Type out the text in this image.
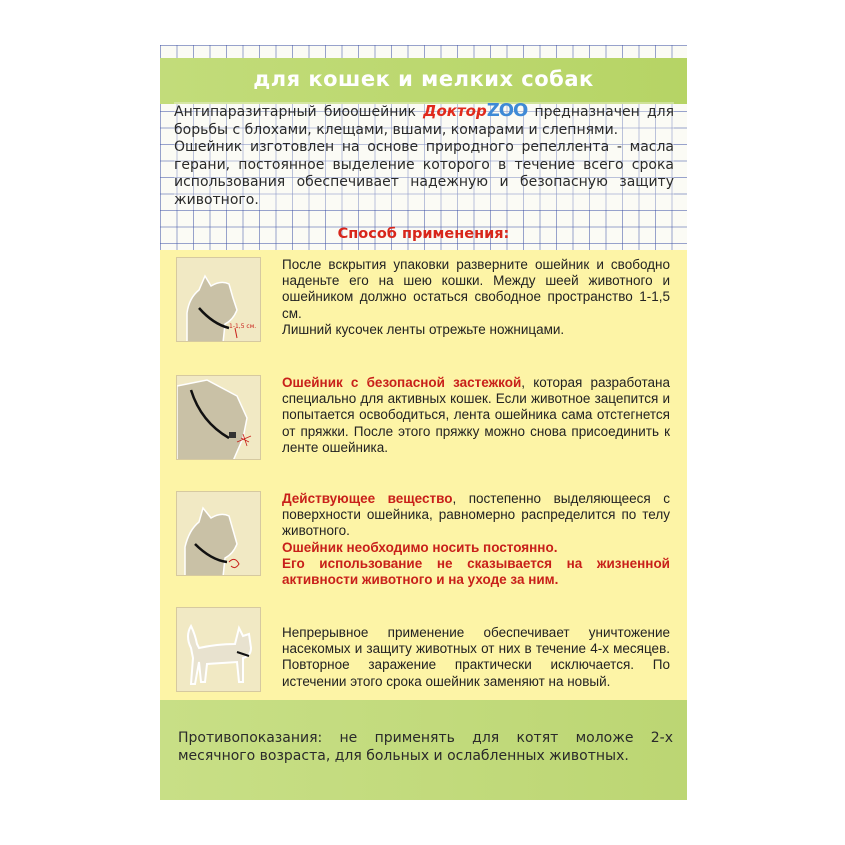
для кошек и мелких собак

Антипаразитарный биоошейник ДокторZOO предназначен для борьбы с блохами, клещами, вшами, комарами и слепнями.

Ошейник изготовлен на основе природного репеллента - масла герани, постоянное выделение которого в течение всего срока использования обеспечивает надежную и безопасную защиту животного.

Способ применения:
1-1,5 см.

После вскрытия упаковки разверните ошейник и свободно наденьте его на шею кошки. Между шеей животного и ошейником должно остаться свободное пространство 1-1,5 см.

Лишний кусочек ленты отрежьте ножницами.

Ошейник с безопасной застежкой, которая разработана специально для активных кошек. Если животное зацепится и попытается освободиться, лента ошейника сама отстегнется от пряжки. После этого пряжку можно снова присоединить к ленте ошейника.

Действующее вещество, постепенно выделяющееся с поверхности ошейника, равномерно распределится по телу животного.

Ошейник необходимо носить постоянно.

Его использование не сказывается на жизненной активности животного и на уходе за ним.

Непрерывное применение обеспечивает уничтожение насекомых и защиту животных от них в течение 4-х месяцев. Повторное заражение практически исключается. По истечении этого срока ошейник заменяют на новый.

Противопоказания: не применять для котят моложе 2-х месячного возраста, для больных и ослабленных животных.
